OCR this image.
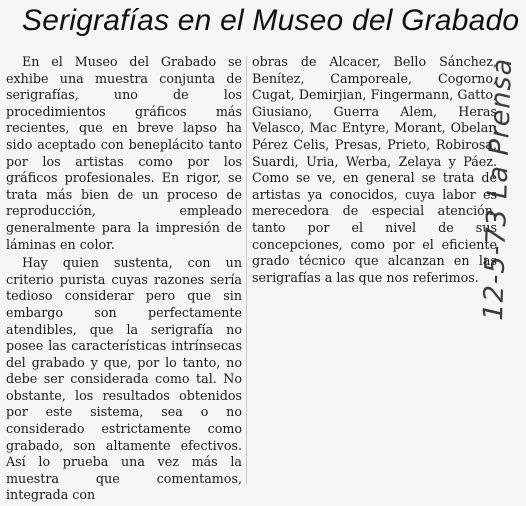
Serigrafías en el Museo del Grabado

En el Museo del Grabado se exhibe una muestra conjunta de serigrafías, uno de los procedimientos gráficos más recientes, que en breve lapso ha sido aceptado con beneplácito tanto por los artistas como por los gráficos profesionales. En rigor, se trata más bien de un proceso de reproducción, empleado generalmente para la impresión de láminas en color.

Hay quien sustenta, con un criterio purista cuyas razones sería tedioso considerar pero que sin embargo son perfectamente atendibles, que la serigrafía no posee las características intrínsecas del grabado y que, por lo tanto, no debe ser considerada como tal. No obstante, los resultados obtenidos por este sistema, sea o no considerado estrictamente como grabado, son altamente efectivos. Así lo prueba una vez más la muestra que comentamos, integrada con

obras de Alcacer, Bello Sánchez, Benítez, Camporeale, Cogorno, Cugat, Demirjian, Fingermann, Gatto, Giusiano, Guerra Alem, Heras Velasco, Mac Entyre, Morant, Obelar, Pérez Celis, Presas, Prieto, Robirosa, Suardi, Uria, Werba, Zelaya y Páez. Como se ve, en general se trata de artistas ya conocidos, cuya labor es merecedora de especial atención, tanto por el nivel de sus concepciones, como por el eficiente grado técnico que alcanzan en las serigrafías a las que nos referimos. 12-5-73 La Prensa
